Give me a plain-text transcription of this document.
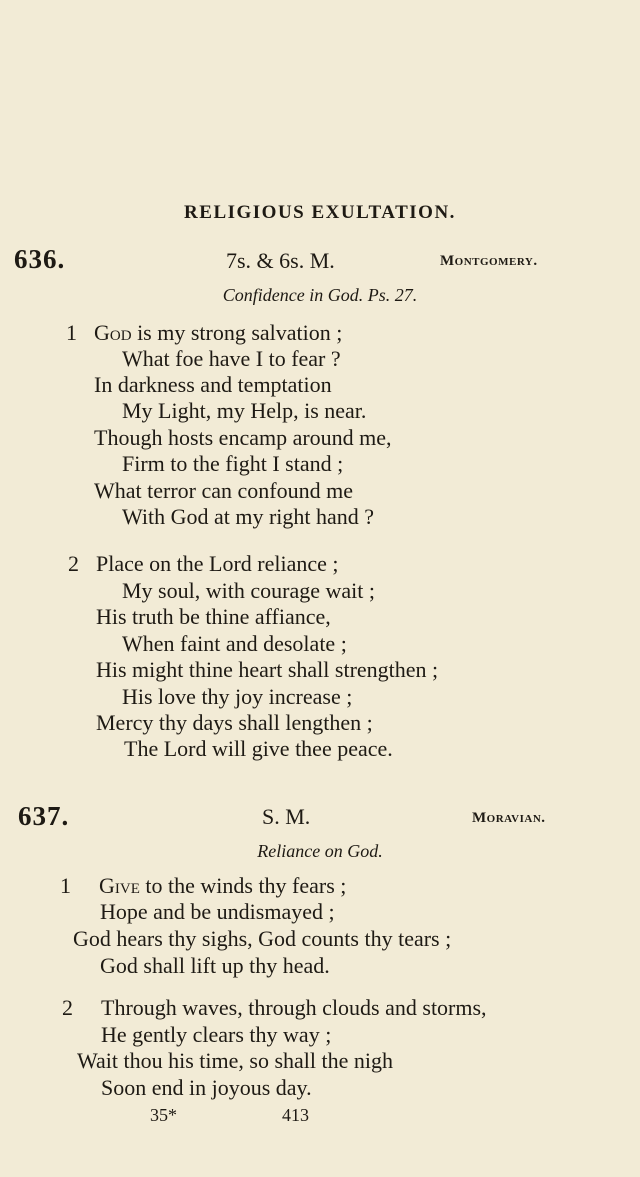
RELIGIOUS EXULTATION.
636.	7s. & 6s. M.	Montgomery.
Confidence in God. Ps. 27.
1 God is my strong salvation ;
What foe have I to fear ?
In darkness and temptation
My Light, my Help, is near.
Though hosts encamp around me,
Firm to the fight I stand ;
What terror can confound me
With God at my right hand ?
2 Place on the Lord reliance ;
My soul, with courage wait ;
His truth be thine affiance,
When faint and desolate ;
His might thine heart shall strengthen ;
His love thy joy increase ;
Mercy thy days shall lengthen ;
The Lord will give thee peace.
637.	S. M.	Moravian.
Reliance on God.
1 Give to the winds thy fears ;
Hope and be undismayed ;
God hears thy sighs, God counts thy tears ;
God shall lift up thy head.
2 Through waves, through clouds and storms,
He gently clears thy way ;
Wait thou his time, so shall the nigh
Soon end in joyous day.
35*	413
